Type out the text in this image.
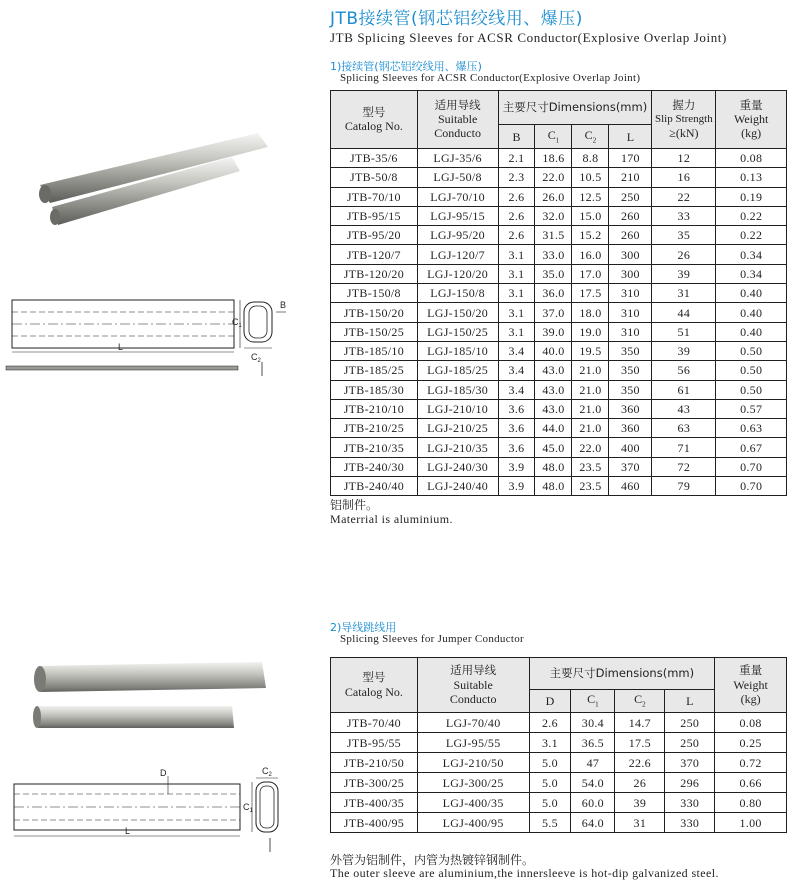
JTB接续管(钢芯铝绞线用、爆压)
JTB Splicing Sleeves for ACSR Conductor(Explosive Overlap Joint)
1)接续管(钢芯铝绞线用、爆压)
Splicing Sleeves for ACSR Conductor(Explosive Overlap Joint)
$C_1$
B
$C_2$
L
型号
Catalog No.	适用导线
Suitable
Conducto	主要尺寸Dimensions(mm)				握力
Slip Strength
≥(kN)	重量
Weight
(kg)

		B	$C_1$	$C_2$	L		
JTB-35/6	LGJ-35/6	2.1	18.6	8.8	170	12	0.08
JTB-50/8	LGJ-50/8	2.3	22.0	10.5	210	16	0.13
JTB-70/10	LGJ-70/10	2.6	26.0	12.5	250	22	0.19
JTB-95/15	LGJ-95/15	2.6	32.0	15.0	260	33	0.22
JTB-95/20	LGJ-95/20	2.6	31.5	15.2	260	35	0.22
JTB-120/7	LGJ-120/7	3.1	33.0	16.0	300	26	0.34
JTB-120/20	LGJ-120/20	3.1	35.0	17.0	300	39	0.34
JTB-150/8	LGJ-150/8	3.1	36.0	17.5	310	31	0.40
JTB-150/20	LGJ-150/20	3.1	37.0	18.0	310	44	0.40
JTB-150/25	LGJ-150/25	3.1	39.0	19.0	310	51	0.40
JTB-185/10	LGJ-185/10	3.4	40.0	19.5	350	39	0.50
JTB-185/25	LGJ-185/25	3.4	43.0	21.0	350	56	0.50
JTB-185/30	LGJ-185/30	3.4	43.0	21.0	350	61	0.50
JTB-210/10	LGJ-210/10	3.6	43.0	21.0	360	43	0.57
JTB-210/25	LGJ-210/25	3.6	44.0	21.0	360	63	0.63
JTB-210/35	LGJ-210/35	3.6	45.0	22.0	400	71	0.67
JTB-240/30	LGJ-240/30	3.9	48.0	23.5	370	72	0.70
JTB-240/40	LGJ-240/40	3.9	48.0	23.5	460	79	0.70
铝制件。
Materrial is aluminium.
2)导线跳线用
Splicing Sleeves for Jumper Conductor
D	$C_2$
$C_1$
L
型号
Catalog No.	适用导线
Suitable
Conducto	主要尺寸Dimensions(mm)				重量
Weight
(kg)

		D	$C_1$	$C_2$	L	
JTB-70/40	LGJ-70/40	2.6	30.4	14.7	250	0.08
JTB-95/55	LGJ-95/55	3.1	36.5	17.5	250	0.25
JTB-210/50	LGJ-210/50	5.0	47	22.6	370	0.72
JTB-300/25	LGJ-300/25	5.0	54.0	26	296	0.66
JTB-400/35	LGJ-400/35	5.0	60.0	39	330	0.80
JTB-400/95	LGJ-400/95	5.5	64.0	31	330	1.00
外管为铝制件，内管为热镀锌钢制件。
The outer sleeve are aluminium,the innersleeve is hot-dip galvanized steel.
